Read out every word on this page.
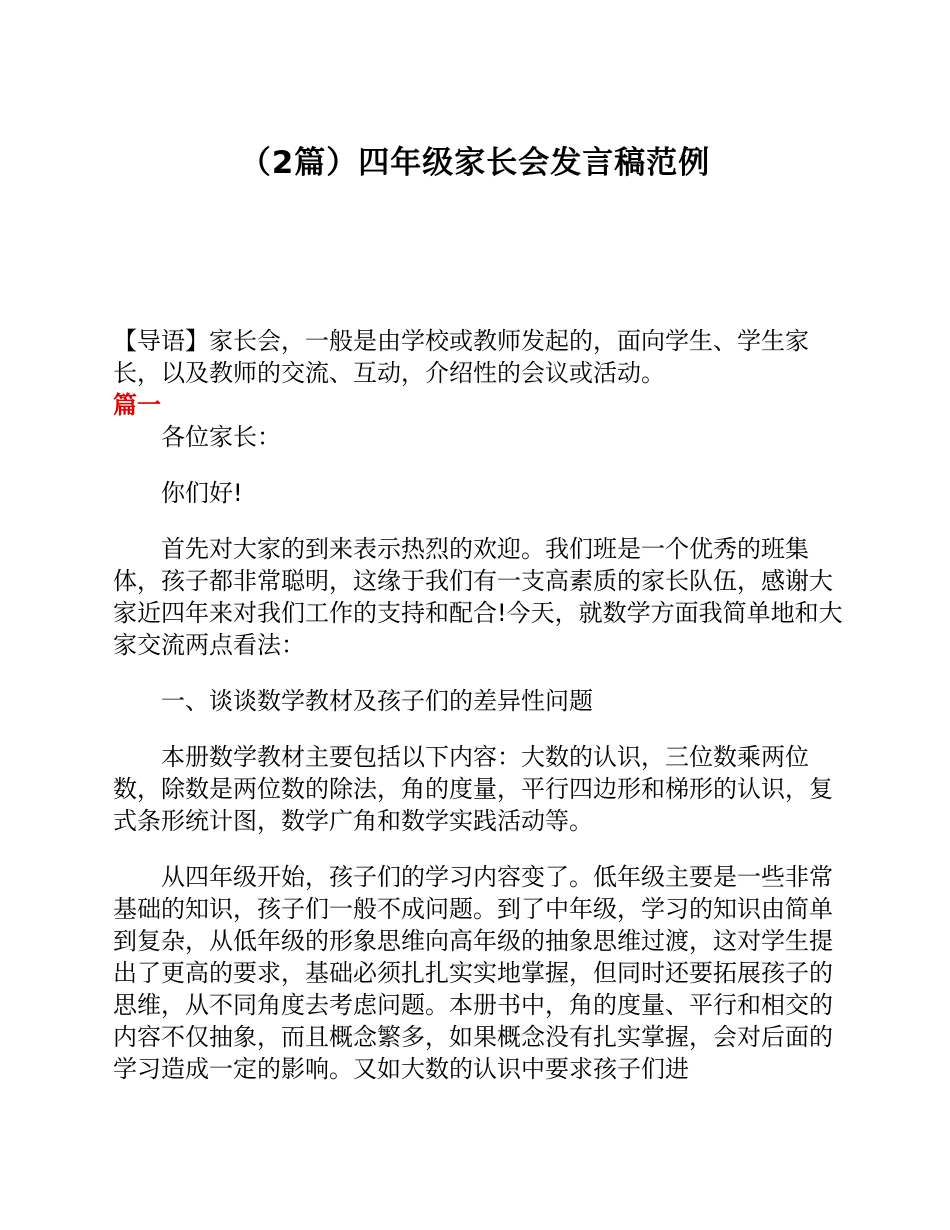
（2篇）四年级家长会发言稿范例

【导语】家长会，一般是由学校或教师发起的，面向学生、学生家长，以及教师的交流、互动，介绍性的会议或活动。

篇一

各位家长：

你们好!

首先对大家的到来表示热烈的欢迎。我们班是一个优秀的班集体，孩子都非常聪明，这缘于我们有一支高素质的家长队伍，感谢大家近四年来对我们工作的支持和配合!今天，就数学方面我简单地和大家交流两点看法：

一、谈谈数学教材及孩子们的差异性问题

本册数学教材主要包括以下内容：大数的认识，三位数乘两位数，除数是两位数的除法，角的度量，平行四边形和梯形的认识，复式条形统计图，数学广角和数学实践活动等。

从四年级开始，孩子们的学习内容变了。低年级主要是一些非常基础的知识，孩子们一般不成问题。到了中年级，学习的知识由简单到复杂，从低年级的形象思维向高年级的抽象思维过渡，这对学生提出了更高的要求，基础必须扎扎实实地掌握，但同时还要拓展孩子的思维，从不同角度去考虑问题。本册书中，角的度量、平行和相交的内容不仅抽象，而且概念繁多，如果概念没有扎实掌握，会对后面的学习造成一定的影响。又如大数的认识中要求孩子们进
